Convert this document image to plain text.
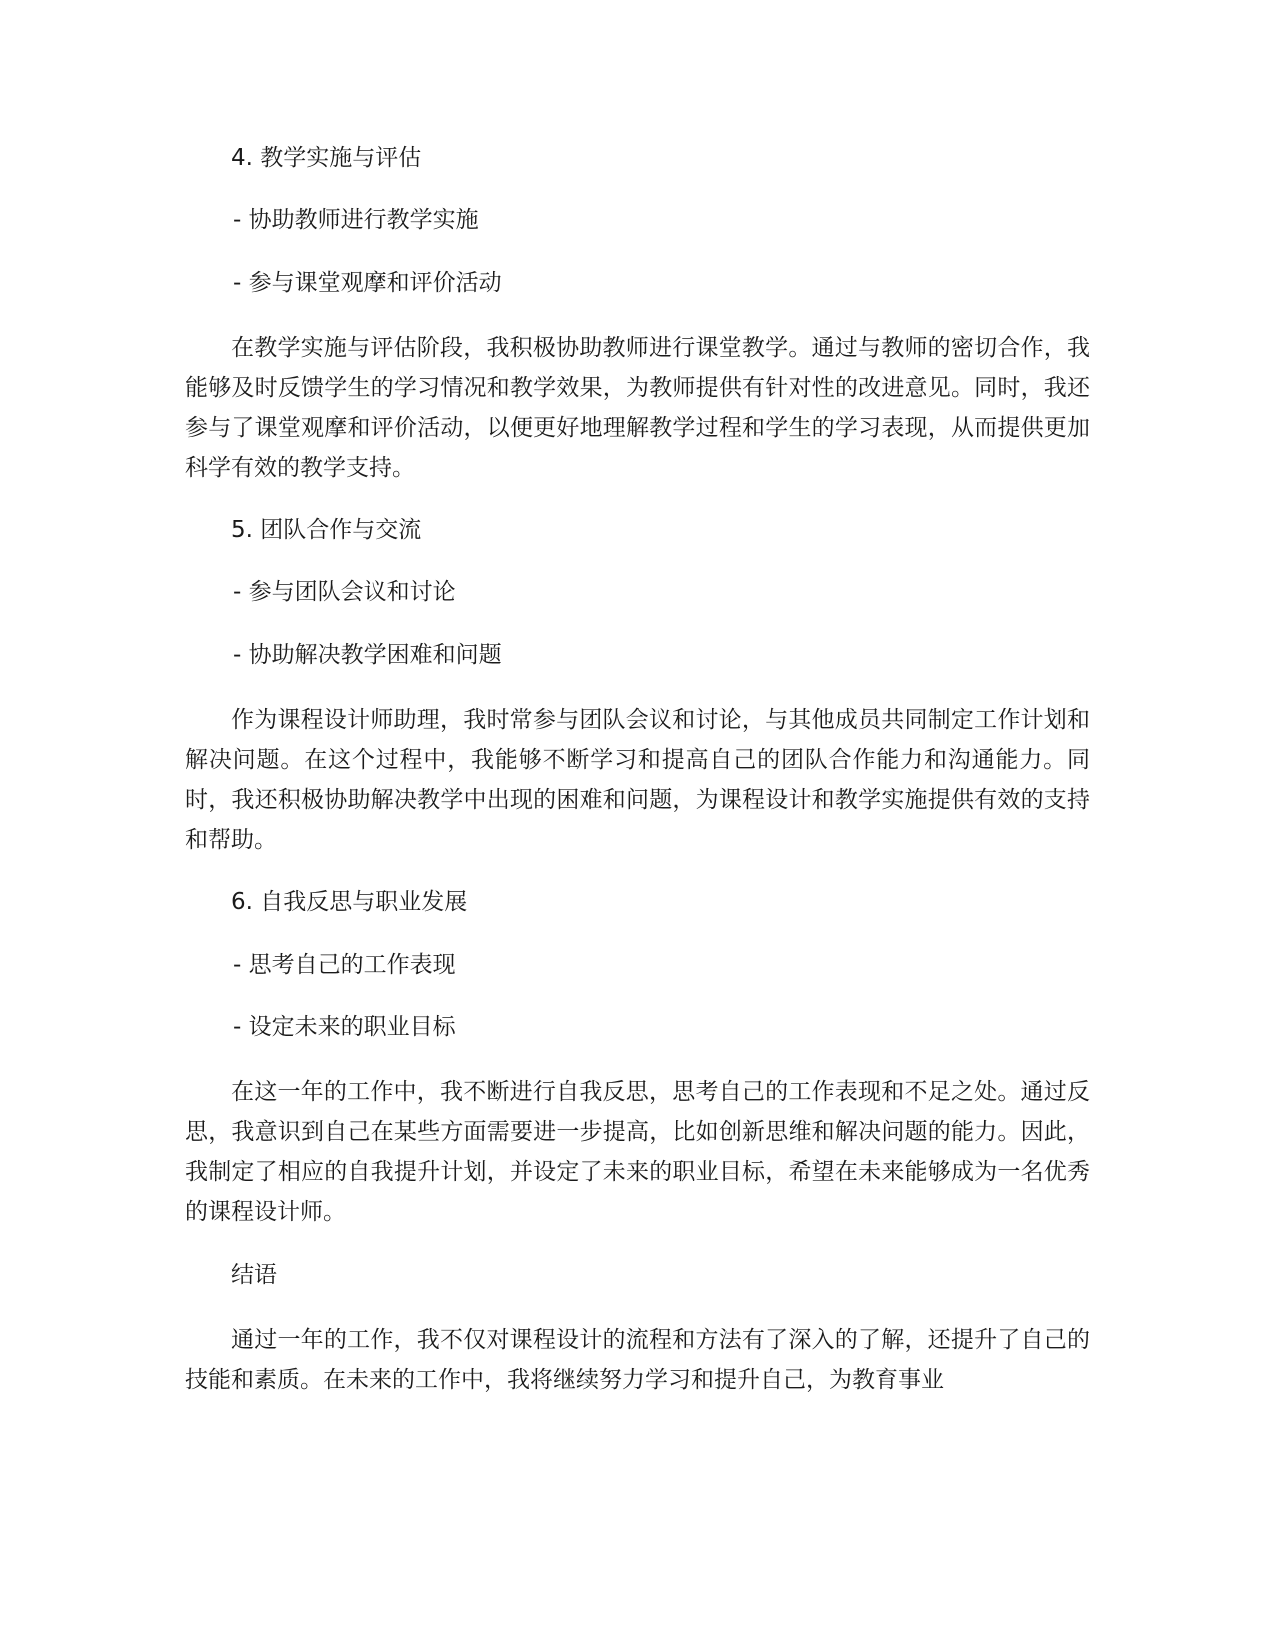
4. 教学实施与评估
- 协助教师进行教学实施
- 参与课堂观摩和评价活动
在教学实施与评估阶段，我积极协助教师进行课堂教学。通过与教师的密切合作，我能够及时反馈学生的学习情况和教学效果，为教师提供有针对性的改进意见。同时，我还参与了课堂观摩和评价活动，以便更好地理解教学过程和学生的学习表现，从而提供更加科学有效的教学支持。
5. 团队合作与交流
- 参与团队会议和讨论
- 协助解决教学困难和问题
作为课程设计师助理，我时常参与团队会议和讨论，与其他成员共同制定工作计划和解决问题。在这个过程中，我能够不断学习和提高自己的团队合作能力和沟通能力。同时，我还积极协助解决教学中出现的困难和问题，为课程设计和教学实施提供有效的支持和帮助。
6. 自我反思与职业发展
- 思考自己的工作表现
- 设定未来的职业目标
在这一年的工作中，我不断进行自我反思，思考自己的工作表现和不足之处。通过反思，我意识到自己在某些方面需要进一步提高，比如创新思维和解决问题的能力。因此，我制定了相应的自我提升计划，并设定了未来的职业目标，希望在未来能够成为一名优秀的课程设计师。
结语
通过一年的工作，我不仅对课程设计的流程和方法有了深入的了解，还提升了自己的技能和素质。在未来的工作中，我将继续努力学习和提升自己，为教育事业
